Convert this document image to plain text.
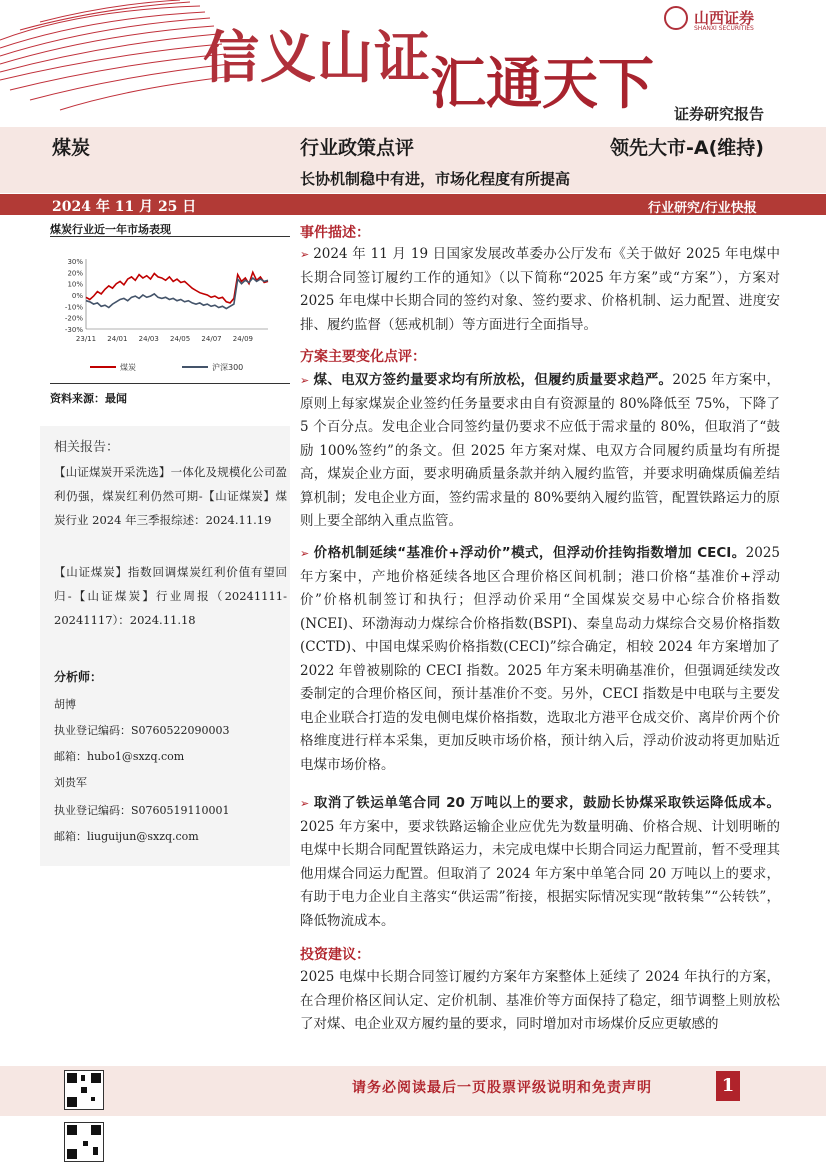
信义山证 汇通天下
山西证券
SHANXI SECURITIES
证券研究报告
煤炭	行业政策点评	领先大市-A(维持)
长协机制稳中有进，市场化程度有所提高
2024 年 11 月 25 日	行业研究/行业快报
煤炭行业近一年市场表现
30%
20%
10%
0%
-10%
-20%
-30%
23/11 24/01 24/03 24/05 24/07 24/09
煤炭	沪深300
资料来源：最闻
相关报告：
【山证煤炭开采洗选】一体化及规模化公司盈利仍强，煤炭红利仍然可期-【山证煤炭】煤炭行业 2024 年三季报综述：2024.11.19
【山证煤炭】指数回调煤炭红利价值有望回归-【山证煤炭】行业周报（20241111-20241117）：2024.11.18
分析师：
胡博
执业登记编码：S0760522090003
邮箱：hubo1@sxzq.com
刘贵军
执业登记编码：S0760519110001
邮箱：liuguijun@sxzq.com
事件描述：
➢ 2024 年 11 月 19 日国家发展改革委办公厅发布《关于做好 2025 年电煤中长期合同签订履约工作的通知》（以下简称“2025 年方案”或“方案”），方案对 2025 年电煤中长期合同的签约对象、签约要求、价格机制、运力配置、进度安排、履约监督（惩戒机制）等方面进行全面指导。
方案主要变化点评：
➢ 煤、电双方签约量要求均有所放松，但履约质量要求趋严。2025 年方案中，原则上每家煤炭企业签约任务量要求由自有资源量的 80%降低至 75%，下降了 5 个百分点。发电企业合同签约量仍要求不应低于需求量的 80%，但取消了“鼓励 100%签约”的条文。但 2025 年方案对煤、电双方合同履约质量均有所提高，煤炭企业方面，要求明确质量条款并纳入履约监管，并要求明确煤质偏差结算机制；发电企业方面，签约需求量的 80%要纳入履约监管，配置铁路运力的原则上要全部纳入重点监管。
➢ 价格机制延续“基准价+浮动价”模式，但浮动价挂钩指数增加 CECI。2025 年方案中，产地价格延续各地区合理价格区间机制；港口价格“基准价+浮动价”价格机制签订和执行；但浮动价采用“全国煤炭交易中心综合价格指数(NCEI)、环渤海动力煤综合价格指数(BSPI)、秦皇岛动力煤综合交易价格指数(CCTD)、中国电煤采购价格指数(CECI)”综合确定，相较 2024 年方案增加了 2022 年曾被剔除的 CECI 指数。2025 年方案未明确基准价，但强调延续发改委制定的合理价格区间，预计基准价不变。另外，CECI 指数是中电联与主要发电企业联合打造的发电侧电煤价格指数，选取北方港平仓成交价、离岸价两个价格维度进行样本采集，更加反映市场价格，预计纳入后，浮动价波动将更加贴近电煤市场价格。
➢ 取消了铁运单笔合同 20 万吨以上的要求，鼓励长协煤采取铁运降低成本。2025 年方案中，要求铁路运输企业应优先为数量明确、价格合规、计划明晰的电煤中长期合同配置铁路运力，未完成电煤中长期合同运力配置前，暂不受理其他用煤合同运力配置。但取消了 2024 年方案中单笔合同 20 万吨以上的要求，有助于电力企业自主落实“供运需”衔接，根据实际情况实现“散转集”“公转铁”，降低物流成本。
投资建议：
2025 电煤中长期合同签订履约方案年方案整体上延续了 2024 年执行的方案，在合理价格区间认定、定价机制、基准价等方面保持了稳定，细节调整上则放松了对煤、电企业双方履约量的要求，同时增加对市场煤价反应更敏感的
请务必阅读最后一页股票评级说明和免责声明	1
